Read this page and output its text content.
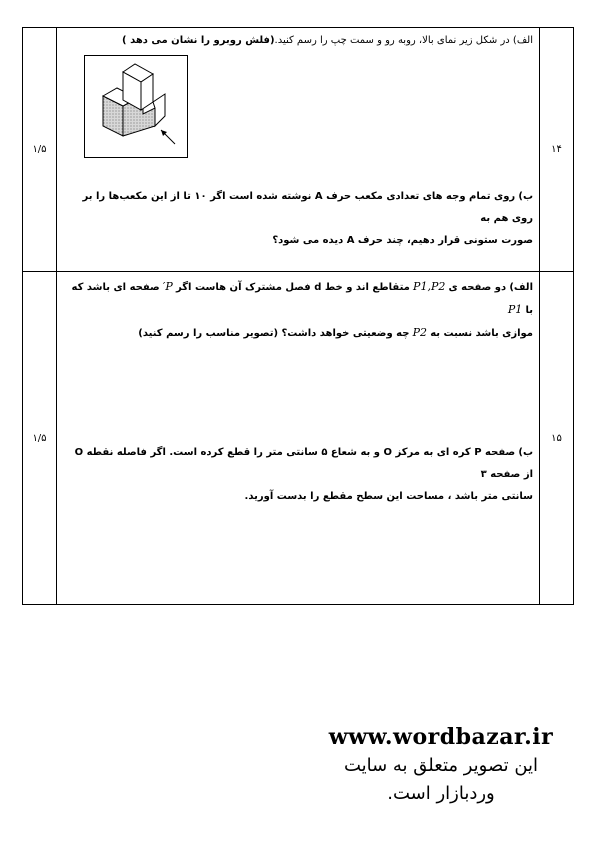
۱۴	الف) در شکل زیر نمای بالا، روبه رو و سمت چپ را رسم کنید.(فلش روبرو را نشان می دهد )
ب) روی تمام وجه های تعدادی مکعب حرف A نوشته شده است اگر ۱۰ تا از این مکعب‌ها را بر روی هم به
صورت ستونی قرار دهیم، چند حرف A دیده می شود؟	۱/۵
۱۵	الف) دو صفحه ی P1,P2 متقاطع اند و خط d فصل مشترک آن هاست اگر P′ صفحه ای باشد که با P1
موازی باشد نسبت به P2 چه وضعیتی خواهد داشت؟ (تصویر مناسب را رسم کنید)
ب) صفحه P کره ای به مرکز O و به شعاع ۵ سانتی متر را قطع کرده است. اگر فاصله نقطه O از صفحه ۳
سانتی متر باشد ، مساحت این سطح مقطع را بدست آورید.	۱/۵
www.wordbazar.ir
این تصویر متعلق به سایت
وردبازار است.
